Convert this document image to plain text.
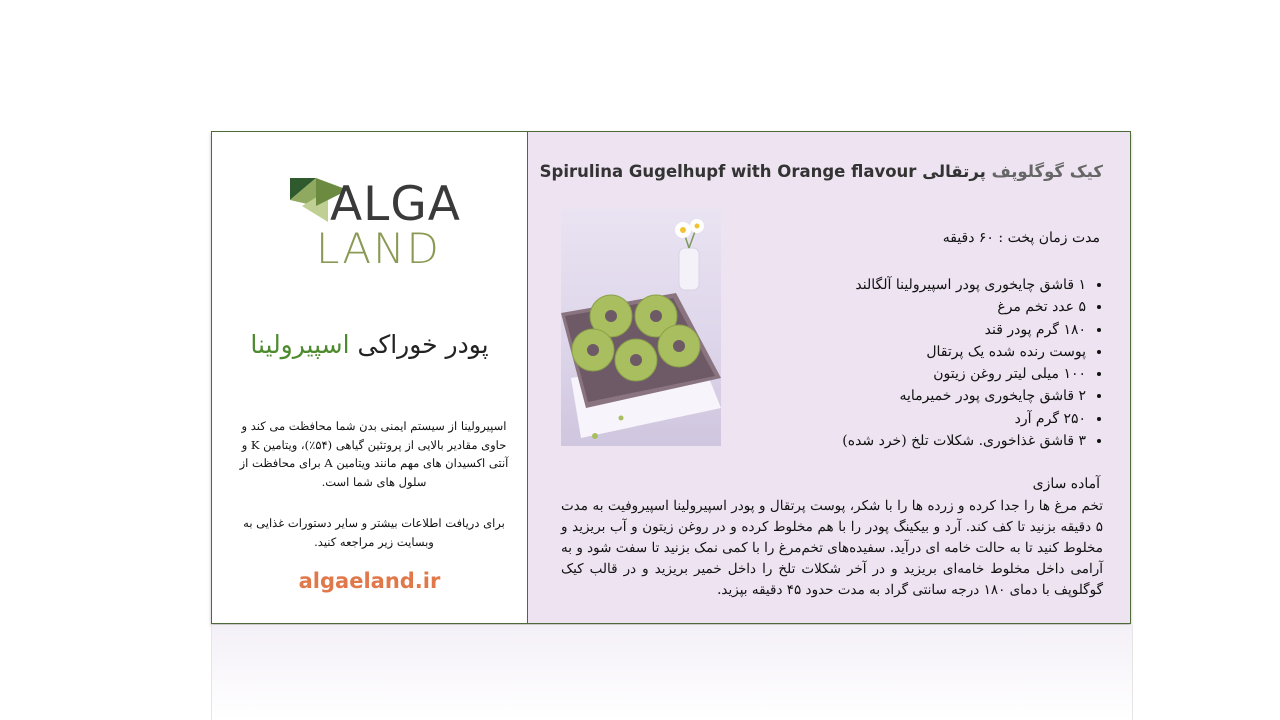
ALGA
LAND
پودر خوراکی اسپیرولینا
اسپیرولینا از سیستم ایمنی بدن شما محافظت می کند و حاوی مقادیر بالایی از پروتئین گیاهی (۵۴٪)، ویتامین K و آنتی اکسیدان های مهم مانند ویتامین A برای محافظت از سلول های شما است.
برای دریافت اطلاعات بیشتر و سایر دستورات غذایی به وبسایت زیر مراجعه کنید.
algaeland.ir
کیک گوگلوپف پرتقالی Spirulina Gugelhupf with Orange flavour
مدت زمان پخت : ۶۰ دقیقه
• ۱ قاشق چایخوری پودر اسپیرولینا آلگالند
• ۵ عدد تخم مرغ
• ۱۸۰ گرم پودر قند
• پوست رنده شده یک پرتقال
• ۱۰۰ میلی لیتر روغن زیتون
• ۲ قاشق چایخوری پودر خمیرمایه
• ۲۵۰ گرم آرد
• ۳ قاشق غذاخوری. شکلات تلخ (خرد شده)
آماده سازی
تخم مرغ ها را جدا کرده و زرده ها را با شکر، پوست پرتقال و پودر اسپیرولینا اسپیروفیت به مدت ۵ دقیقه بزنید تا کف کند. آرد و بیکینگ پودر را با هم مخلوط کرده و در روغن زیتون و آب بریزید و مخلوط کنید تا به حالت خامه ای درآید. سفیده‌های تخم‌مرغ را با کمی نمک بزنید تا سفت شود و به آرامی داخل مخلوط خامه‌ای بریزید و در آخر شکلات تلخ را داخل خمیر بریزید و در قالب کیک گوگلوپف با دمای ۱۸۰ درجه سانتی گراد به مدت حدود ۴۵ دقیقه بپزید.
